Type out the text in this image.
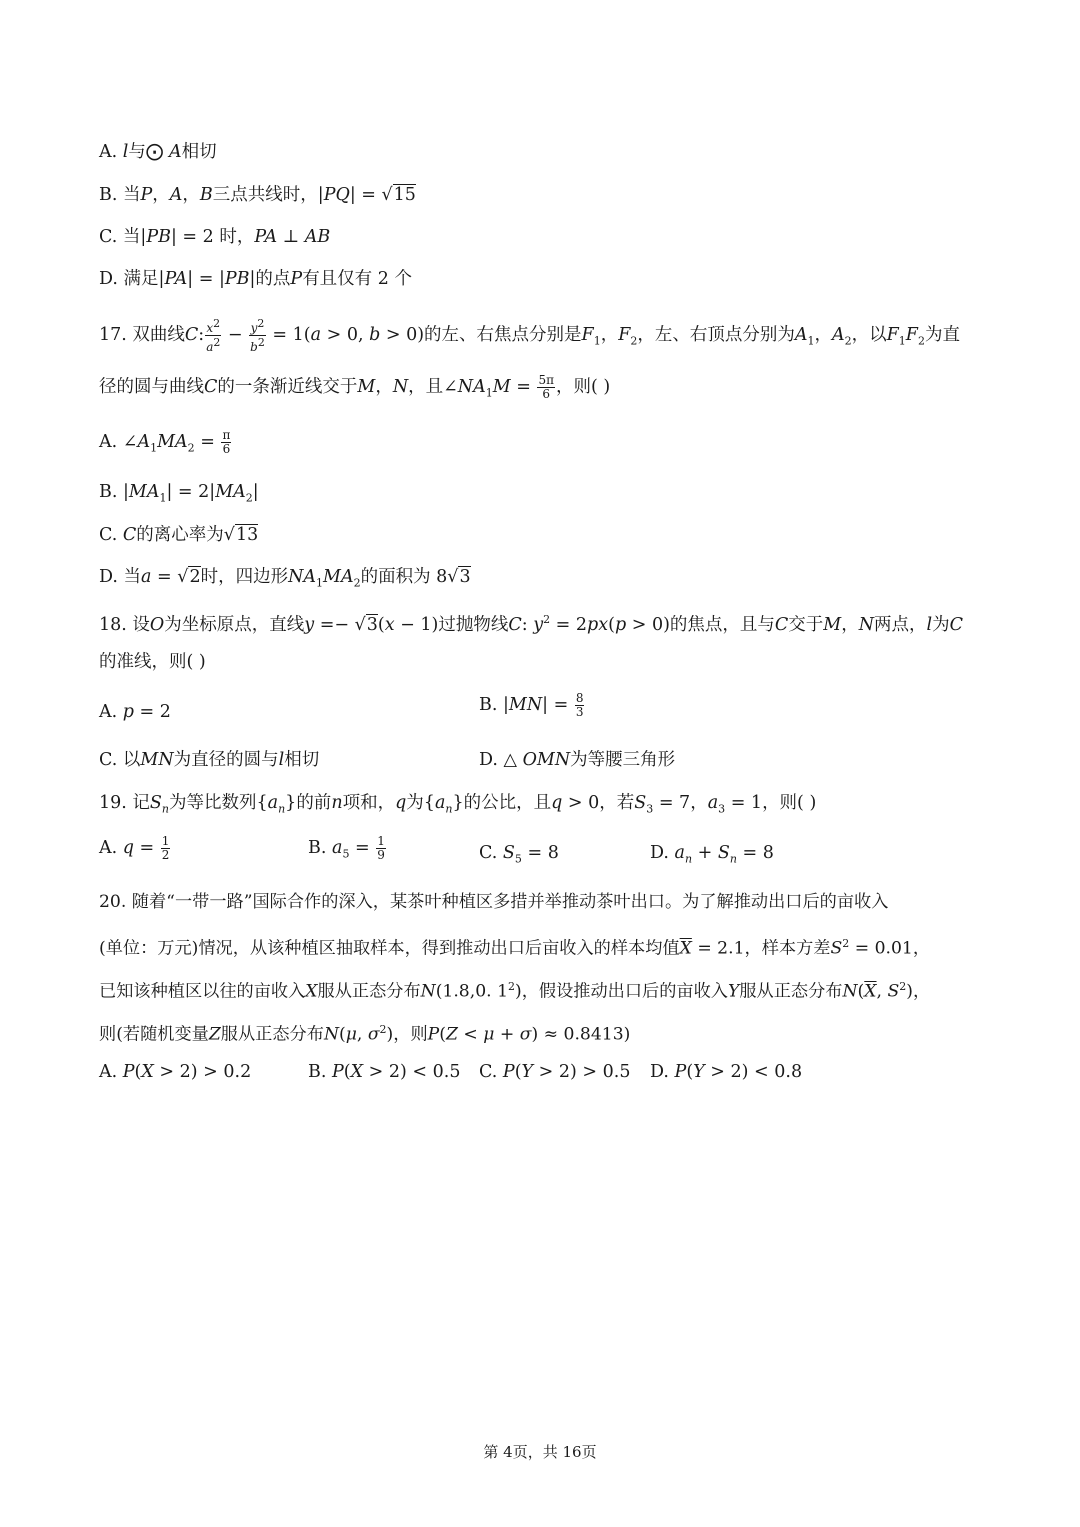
A. l与⨀ A相切
B. 当P，A，B三点共线时，|PQ| = √15
C. 当|PB| = 2 时，PA ⊥ AB
D. 满足|PA| = |PB|的点P有且仅有 2 个
17. 双曲线C: $\frac{x^2}{a^2} - \frac{y^2}{b^2} = 1(a > 0$, b > 0)的左、右焦点分别是$F_1$，$F_2$，左、右顶点分别为$A_1$，$A_2$，以$F_1F_2$为直
径的圆与曲线C的一条渐近线交于M，N，且$\angle NA_1M = \frac{5\pi}{6}$ ，则( )
A. $\angle A_1MA_2 = \frac{\pi}{6}$
B. $|MA_1| = 2|MA_2|$
C. C的离心率为√13
D. 当a = √2时，四边形$NA_1MA_2$的面积为 8√3
18. 设O为坐标原点，直线y =− √3(x − 1)过抛物线C: $y^2 = 2px(p > 0)$的焦点，且与C交于M，N两点，l为C
的准线，则( )
A. p = 2	B. $|MN| = \frac{8}{3}$
C. 以MN为直径的圆与l相切	D. △ OMN为等腰三角形
19. 记$S_n$为等比数列$\{a_n\}$的前n项和，q为$\{a_n\}$的公比，且q > 0，若$S_3 = 7$，$a_3 = 1$，则( )
A. $q = \frac{1}{2}$	B. $a_5 = \frac{1}{9}$	C. $S_5 = 8$	D. $a_n + S_n = 8$
20. 随着“一带一路”国际合作的深入，某茶叶种植区多措并举推动茶叶出口。为了解推动出口后的亩收入
(单位：万元)情况，从该种植区抽取样本，得到推动出口后亩收入的样本均值$\overline{X} = 2.1$，样本方差$S^2 = 0.01$，
已知该种植区以往的亩收入X服从正态分布N(1.8,0. $1^2$)，假设推动出口后的亩收入Y服从正态分布$N(\overline{X}$, $S^2$)，
则(若随机变量Z服从正态分布N(μ, $\sigma^2$)，则P(Z < μ + σ) ≈ 0.8413)
A. P(X > 2) > 0.2	B. P(X > 2) < 0.5 C. P(Y > 2) > 0.5 D. P(Y > 2) < 0.8
第 4页，共 16页
